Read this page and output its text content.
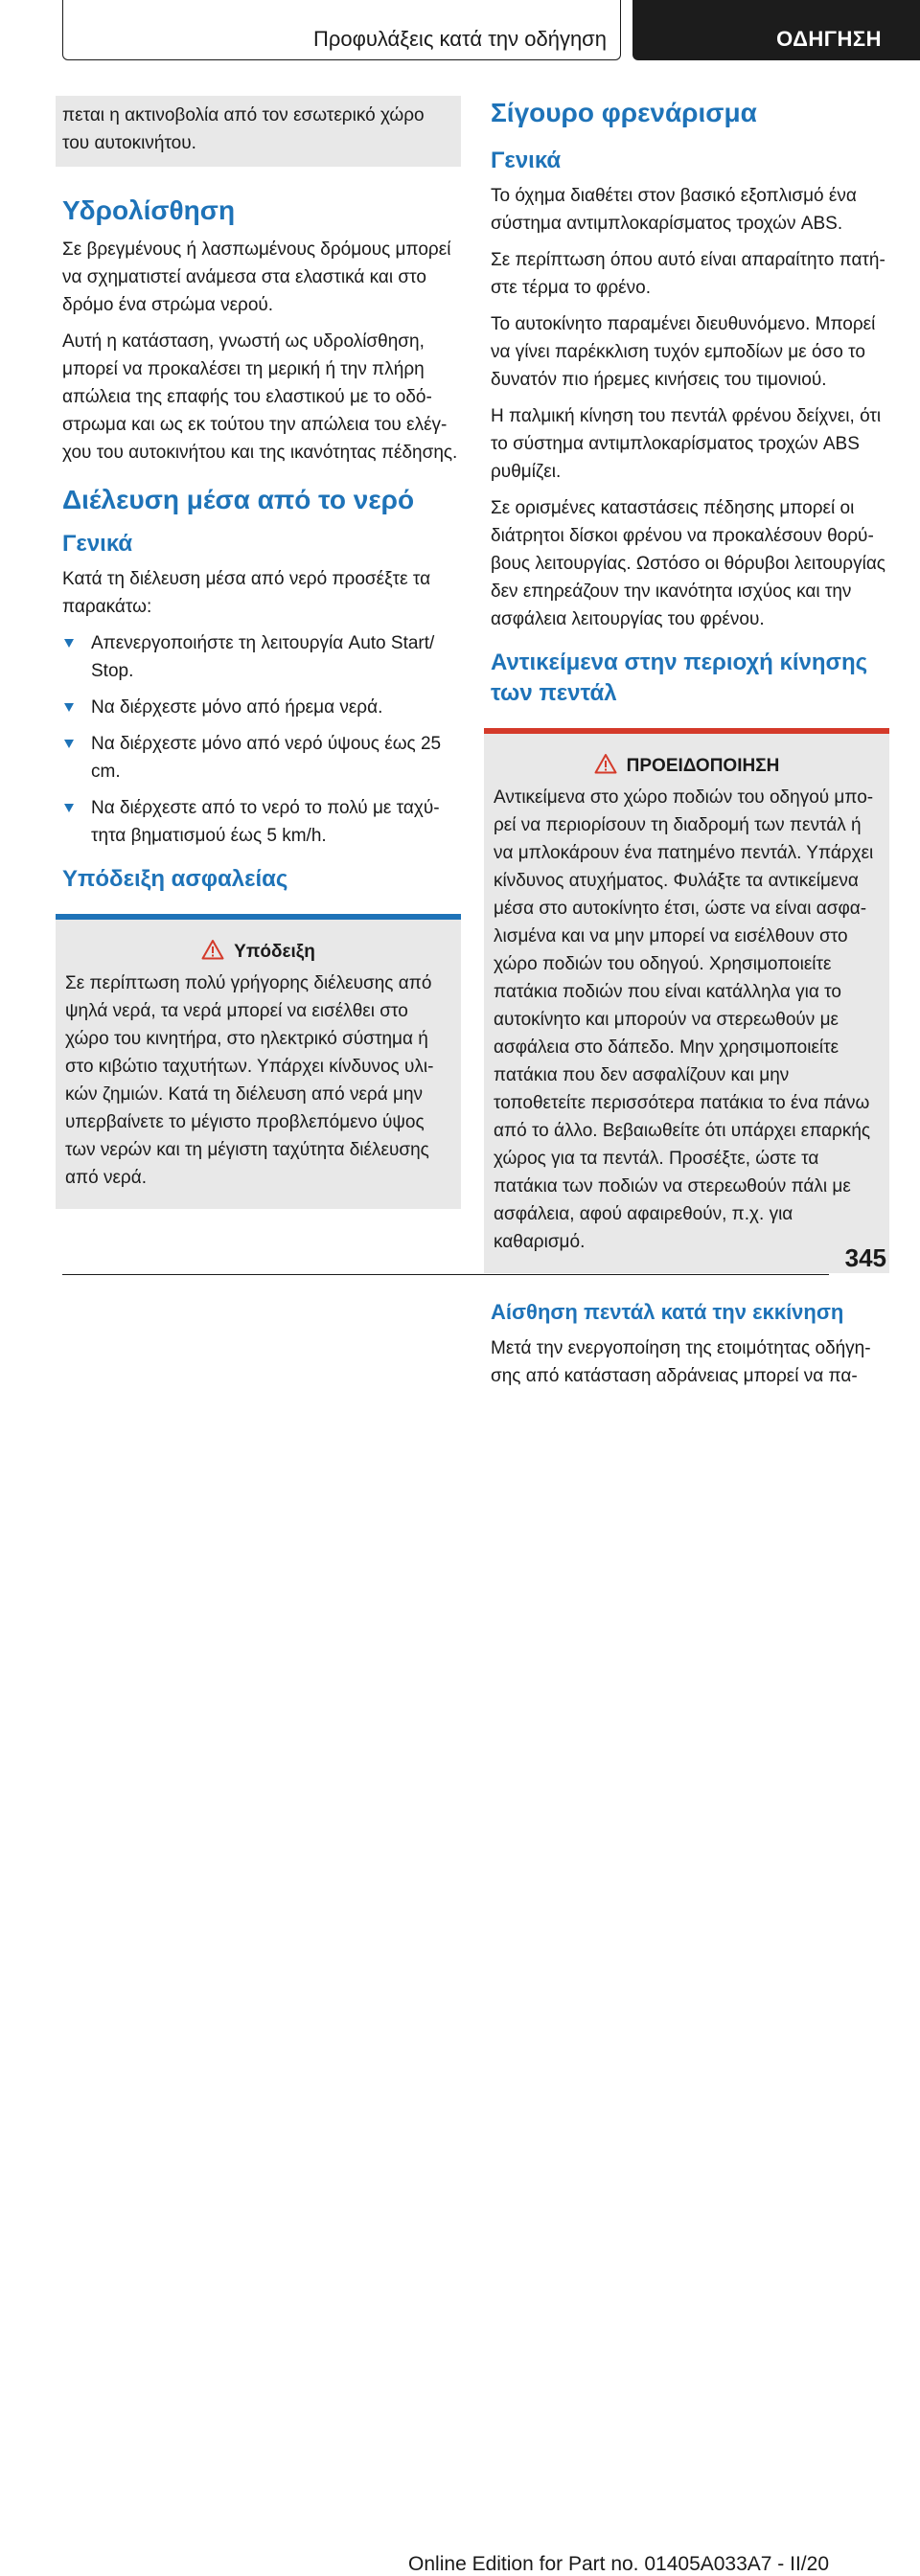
Προφυλάξεις κατά την οδήγηση	ΟΔΗΓΗΣΗ

πεται η ακτινοβολία από τον εσωτερικό χώρο του αυτοκινήτου.

Υδρολίσθηση

Σε βρεγμένους ή λασπωμένους δρόμους μπορεί να σχηματιστεί ανάμεσα στα ελαστικά και στο δρόμο ένα στρώμα νερού.

Αυτή η κατάσταση, γνωστή ως υδρολίσθηση, μπορεί να προκαλέσει τη μερική ή την πλήρη απώλεια της επαφής του ελαστικού με το οδόστρωμα και ως εκ τούτου την απώλεια του ελέγχου του αυτοκινήτου και της ικανότητας πέδησης.

Διέλευση μέσα από το νερό
Γενικά

Κατά τη διέλευση μέσα από νερό προσέξτε τα παρακάτω:

Απενεργοποιήστε τη λειτουργία Auto Start/ Stop.
Να διέρχεστε μόνο από ήρεμα νερά.
Να διέρχεστε μόνο από νερό ύψους έως 25 cm.
Να διέρχεστε από το νερό το πολύ με ταχύτητα βηματισμού έως 5 km/h.
Υπόδειξη ασφαλείας
Υπόδειξη

Σε περίπτωση πολύ γρήγορης διέλευσης από ψηλά νερά, τα νερά μπορεί να εισέλθει στο χώρο του κινητήρα, στο ηλεκτρικό σύστημα ή στο κιβώτιο ταχυτήτων. Υπάρχει κίνδυνος υλικών ζημιών. Κατά τη διέλευση από νερά μην υπερβαίνετε το μέγιστο προβλεπόμενο ύψος των νερών και τη μέγιστη ταχύτητα διέλευσης από νερά.

Σίγουρο φρενάρισμα
Γενικά

Το όχημα διαθέτει στον βασικό εξοπλισμό ένα σύστημα αντιμπλοκαρίσματος τροχών ABS.

Σε περίπτωση όπου αυτό είναι απαραίτητο πατήστε τέρμα το φρένο.

Το αυτοκίνητο παραμένει διευθυνόμενο. Μπορεί να γίνει παρέκκλιση τυχόν εμποδίων με όσο το δυνατόν πιο ήρεμες κινήσεις του τιμονιού.

Η παλμική κίνηση του πεντάλ φρένου δείχνει, ότι το σύστημα αντιμπλοκαρίσματος τροχών ABS ρυθμίζει.

Σε ορισμένες καταστάσεις πέδησης μπορεί οι διάτρητοι δίσκοι φρένου να προκαλέσουν θορύβους λειτουργίας. Ωστόσο οι θόρυβοι λειτουργίας δεν επηρεάζουν την ικανότητα ισχύος και την ασφάλεια λειτουργίας του φρένου.

Αντικείμενα στην περιοχή κίνησης των πεντάλ
ΠΡΟΕΙΔΟΠΟΙΗΣΗ

Αντικείμενα στο χώρο ποδιών του οδηγού μπορεί να περιορίσουν τη διαδρομή των πεντάλ ή να μπλοκάρουν ένα πατημένο πεντάλ. Υπάρχει κίνδυνος ατυχήματος. Φυλάξτε τα αντικείμενα μέσα στο αυτοκίνητο έτσι, ώστε να είναι ασφαλισμένα και να μην μπορεί να εισέλθουν στο χώρο ποδιών του οδηγού. Χρησιμοποιείτε πατάκια ποδιών που είναι κατάλληλα για το αυτοκίνητο και μπορούν να στερεωθούν με ασφάλεια στο δάπεδο. Μην χρησιμοποιείτε πατάκια που δεν ασφαλίζουν και μην τοποθετείτε περισσότερα πατάκια το ένα πάνω από το άλλο. Βεβαιωθείτε ότι υπάρχει επαρκής χώρος για τα πεντάλ. Προσέξτε, ώστε τα πατάκια των ποδιών να στερεωθούν πάλι με ασφάλεια, αφού αφαιρεθούν, π.χ. για καθαρισμό.

Αίσθηση πεντάλ κατά την εκκίνηση

Μετά την ενεργοποίηση της ετοιμότητας οδήγησης από κατάσταση αδράνειας μπορεί να πα-

345
Online Edition for Part no. 01405A033A7 - II/20
